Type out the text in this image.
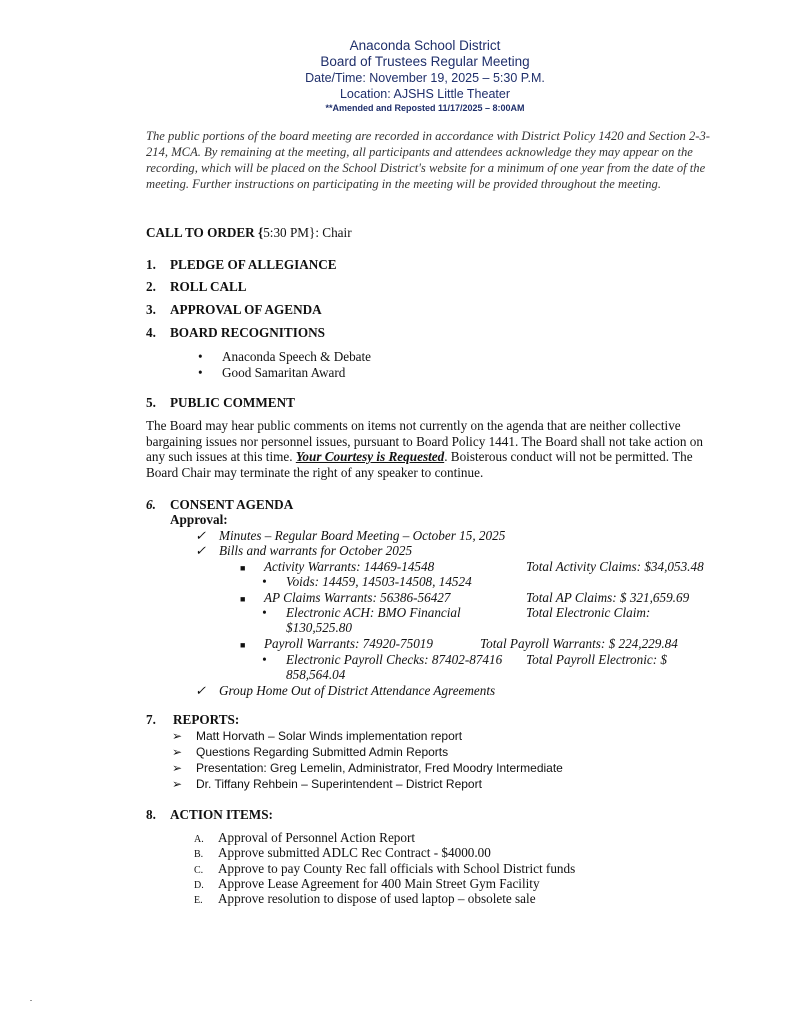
Anaconda School District
Board of Trustees Regular Meeting
Date/Time: November 19, 2025 – 5:30 P.M.
Location: AJSHS Little Theater
**Amended and Reposted 11/17/2025 – 8:00AM
The public portions of the board meeting are recorded in accordance with District Policy 1420 and Section 2-3-214, MCA. By remaining at the meeting, all participants and attendees acknowledge they may appear on the recording, which will be placed on the School District's website for a minimum of one year from the date of the meeting. Further instructions on participating in the meeting will be provided throughout the meeting.
CALL TO ORDER {5:30 PM}: Chair
1. PLEDGE OF ALLEGIANCE
2. ROLL CALL
3. APPROVAL OF AGENDA
4. BOARD RECOGNITIONS
• Anaconda Speech & Debate
• Good Samaritan Award
5. PUBLIC COMMENT
The Board may hear public comments on items not currently on the agenda that are neither collective bargaining issues nor personnel issues, pursuant to Board Policy 1441. The Board shall not take action on any such issues at this time. Your Courtesy is Requested. Boisterous conduct will not be permitted. The Board Chair may terminate the right of any speaker to continue.
6. CONSENT AGENDA
Approval:
✓ Minutes – Regular Board Meeting – October 15, 2025
✓ Bills and warrants for October 2025
■ Activity Warrants: 14469-14548	Total Activity Claims: $34,053.48
• Voids: 14459, 14503-14508, 14524
■ AP Claims Warrants: 56386-56427	Total AP Claims: $ 321,659.69
• Electronic ACH: BMO Financial	Total Electronic Claim:
$130,525.80
■ Payroll Warrants: 74920-75019	Total Payroll Warrants: $ 224,229.84
• Electronic Payroll Checks: 87402-87416 Total Payroll Electronic: $
858,564.04
✓ Group Home Out of District Attendance Agreements
7. REPORTS:
➢ Matt Horvath – Solar Winds implementation report
➢ Questions Regarding Submitted Admin Reports
➢ Presentation: Greg Lemelin, Administrator, Fred Moodry Intermediate
➢ Dr. Tiffany Rehbein – Superintendent – District Report
8. ACTION ITEMS:
A. Approval of Personnel Action Report
B. Approve submitted ADLC Rec Contract - $4000.00
C. Approve to pay County Rec fall officials with School District funds
D. Approve Lease Agreement for 400 Main Street Gym Facility
E. Approve resolution to dispose of used laptop – obsolete sale
